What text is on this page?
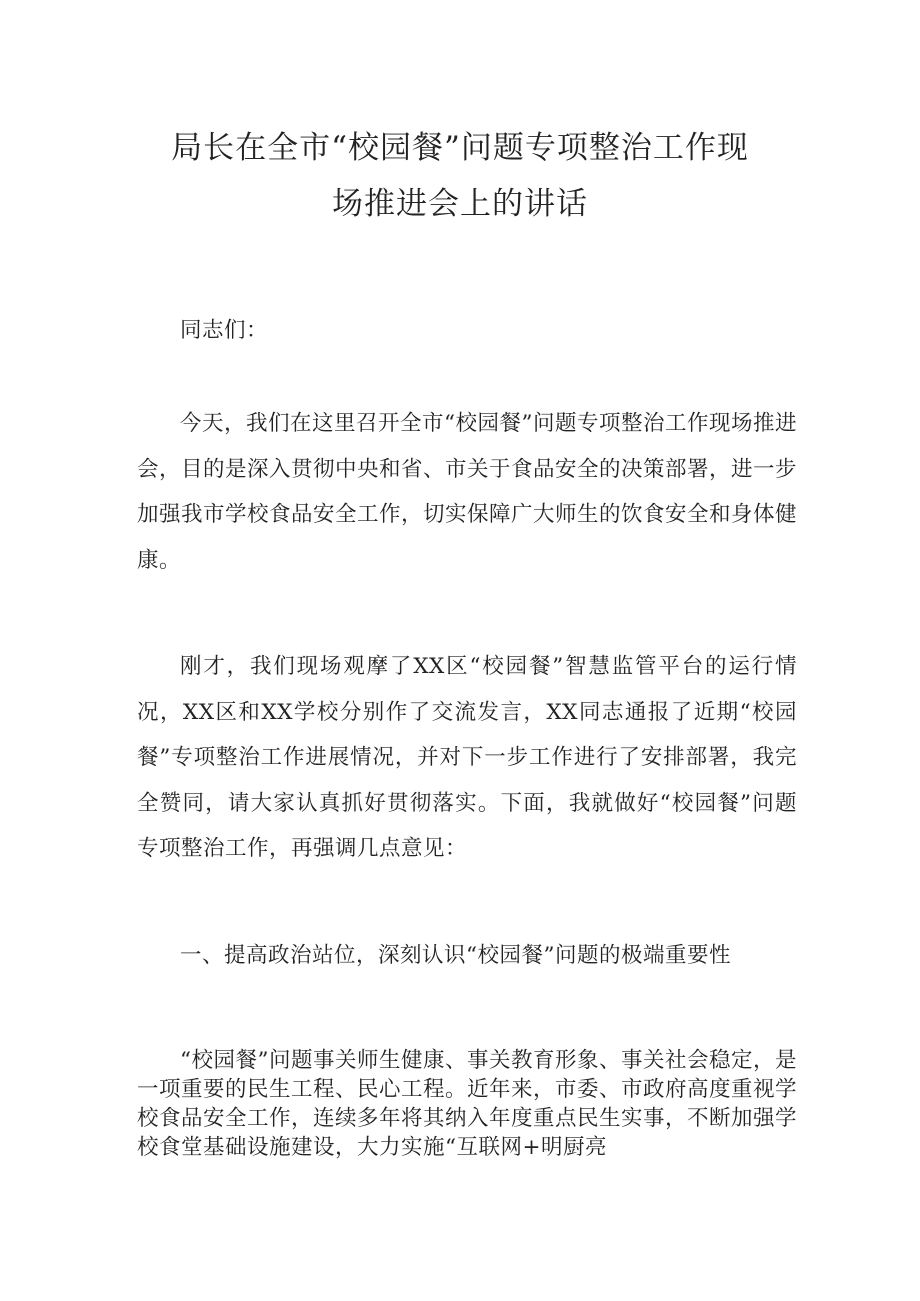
局长在全市“校园餐”问题专项整治工作现
场推进会上的讲话

同志们：

今天，我们在这里召开全市“校园餐”问题专项整治工作现场推进会，目的是深入贯彻中央和省、市关于食品安全的决策部署，进一步加强我市学校食品安全工作，切实保障广大师生的饮食安全和身体健康。

刚才，我们现场观摩了XX区“校园餐”智慧监管平台的运行情况，XX区和XX学校分别作了交流发言，XX同志通报了近期“校园餐”专项整治工作进展情况，并对下一步工作进行了安排部署，我完全赞同，请大家认真抓好贯彻落实。下面，我就做好“校园餐”问题专项整治工作，再强调几点意见：

一、提高政治站位，深刻认识“校园餐”问题的极端重要性

“校园餐”问题事关师生健康、事关教育形象、事关社会稳定，是一项重要的民生工程、民心工程。近年来，市委、市政府高度重视学校食品安全工作，连续多年将其纳入年度重点民生实事，不断加强学校食堂基础设施建设，大力实施“互联网+明厨亮
